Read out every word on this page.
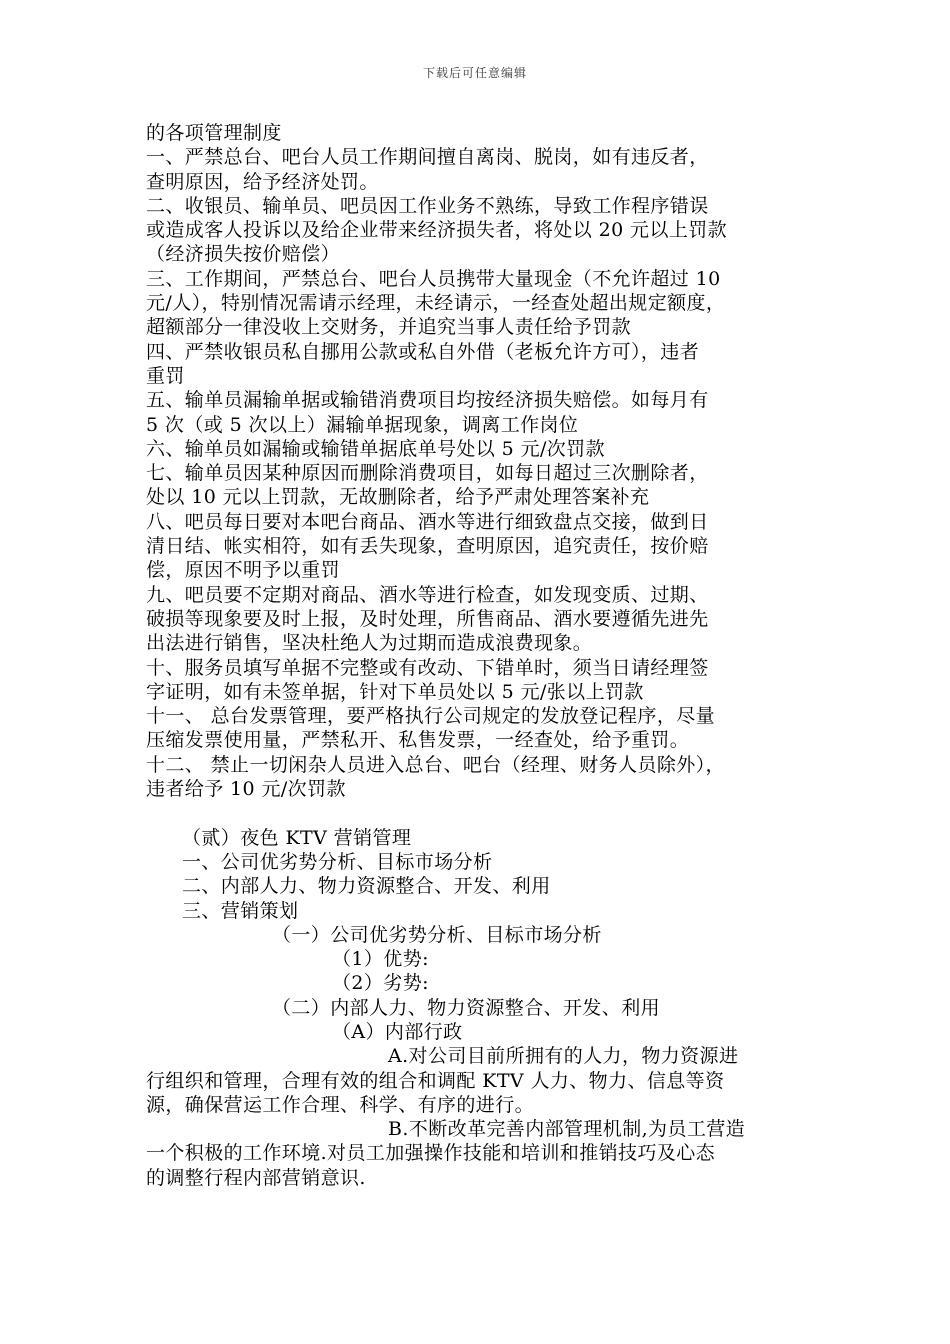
下载后可任意编辑
的各项管理制度
一、严禁总台、吧台人员工作期间擅自离岗、脱岗，如有违反者，
查明原因，给予经济处罚。
二、收银员、输单员、吧员因工作业务不熟练，导致工作程序错误
或造成客人投诉以及给企业带来经济损失者，将处以 20 元以上罚款
（经济损失按价赔偿）
三、工作期间，严禁总台、吧台人员携带大量现金（不允许超过 10
元/人），特别情况需请示经理，未经请示，一经查处超出规定额度，
超额部分一律没收上交财务，并追究当事人责任给予罚款
四、严禁收银员私自挪用公款或私自外借（老板允许方可），违者
重罚
五、输单员漏输单据或输错消费项目均按经济损失赔偿。如每月有
5 次（或 5 次以上）漏输单据现象，调离工作岗位
六、输单员如漏输或输错单据底单号处以 5 元/次罚款
七、输单员因某种原因而删除消费项目，如每日超过三次删除者，
处以 10 元以上罚款，无故删除者，给予严肃处理答案补充
八、吧员每日要对本吧台商品、酒水等进行细致盘点交接，做到日
清日结、帐实相符，如有丢失现象，查明原因，追究责任，按价赔
偿，原因不明予以重罚
九、吧员要不定期对商品、酒水等进行检查，如发现变质、过期、
破损等现象要及时上报，及时处理，所售商品、酒水要遵循先进先
出法进行销售，坚决杜绝人为过期而造成浪费现象。
十、服务员填写单据不完整或有改动、下错单时，须当日请经理签
字证明，如有未签单据，针对下单员处以 5 元/张以上罚款
十一、 总台发票管理，要严格执行公司规定的发放登记程序，尽量
压缩发票使用量，严禁私开、私售发票，一经查处，给予重罚。
十二、 禁止一切闲杂人员进入总台、吧台（经理、财务人员除外），
违者给予 10 元/次罚款
（贰）夜色 KTV 营销管理
一、公司优劣势分析、目标市场分析
二、内部人力、物力资源整合、开发、利用
三、营销策划
（一）公司优劣势分析、目标市场分析
（1）优势:
（2）劣势:
（二）内部人力、物力资源整合、开发、利用
（A）内部行政
A.对公司目前所拥有的人力，物力资源进
行组织和管理，合理有效的组合和调配 KTV 人力、物力、信息等资
源，确保营运工作合理、科学、有序的进行。
B.不断改革完善内部管理机制,为员工营造
一个积极的工作环境.对员工加强操作技能和培训和推销技巧及心态
的调整行程内部营销意识.
